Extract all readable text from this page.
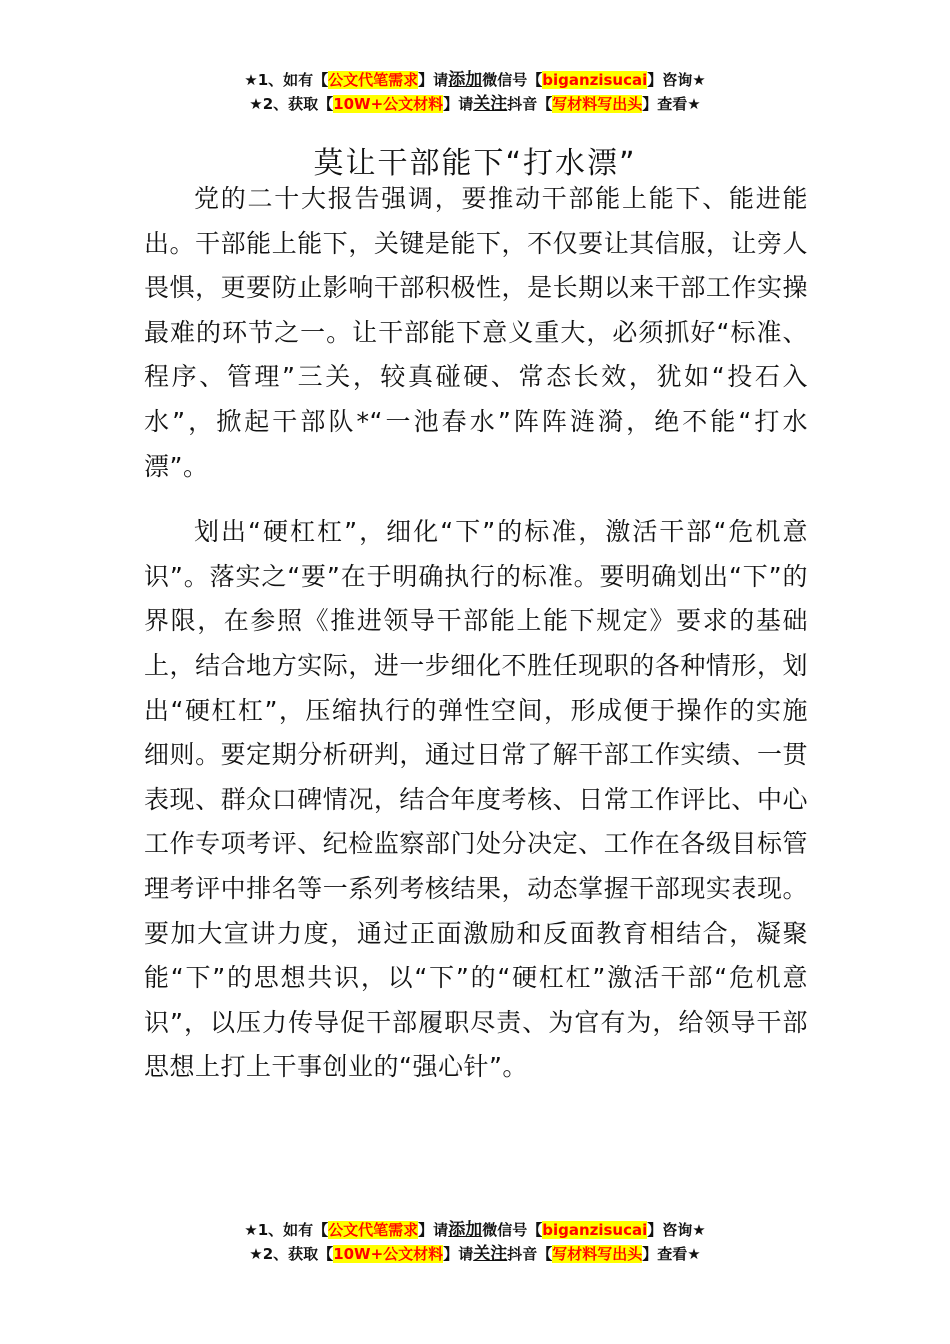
★1、如有【公文代笔需求】请添加微信号【biganzisucai】咨询★
★2、获取【10W+公文材料】请关注抖音【写材料写出头】查看★
莫让干部能下“打水漂”

党的二十大报告强调，要推动干部能上能下、能进能出。干部能上能下，关键是能下，不仅要让其信服，让旁人畏惧，更要防止影响干部积极性，是长期以来干部工作实操最难的环节之一。让干部能下意义重大，必须抓好“标准、程序、管理”三关，较真碰硬、常态长效，犹如“投石入水”，掀起干部队*“一池春水”阵阵涟漪，绝不能“打水漂”。

划出“硬杠杠”，细化“下”的标准，激活干部“危机意识”。落实之“要”在于明确执行的标准。要明确划出“下”的界限，在参照《推进领导干部能上能下规定》要求的基础上，结合地方实际，进一步细化不胜任现职的各种情形，划出“硬杠杠”，压缩执行的弹性空间，形成便于操作的实施细则。要定期分析研判，通过日常了解干部工作实绩、一贯表现、群众口碑情况，结合年度考核、日常工作评比、中心工作专项考评、纪检监察部门处分决定、工作在各级目标管理考评中排名等一系列考核结果，动态掌握干部现实表现。要加大宣讲力度，通过正面激励和反面教育相结合，凝聚能“下”的思想共识，以“下”的“硬杠杠”激活干部“危机意识”，以压力传导促干部履职尽责、为官有为，给领导干部思想上打上干事创业的“强心针”。

★1、如有【公文代笔需求】请添加微信号【biganzisucai】咨询★
★2、获取【10W+公文材料】请关注抖音【写材料写出头】查看★
